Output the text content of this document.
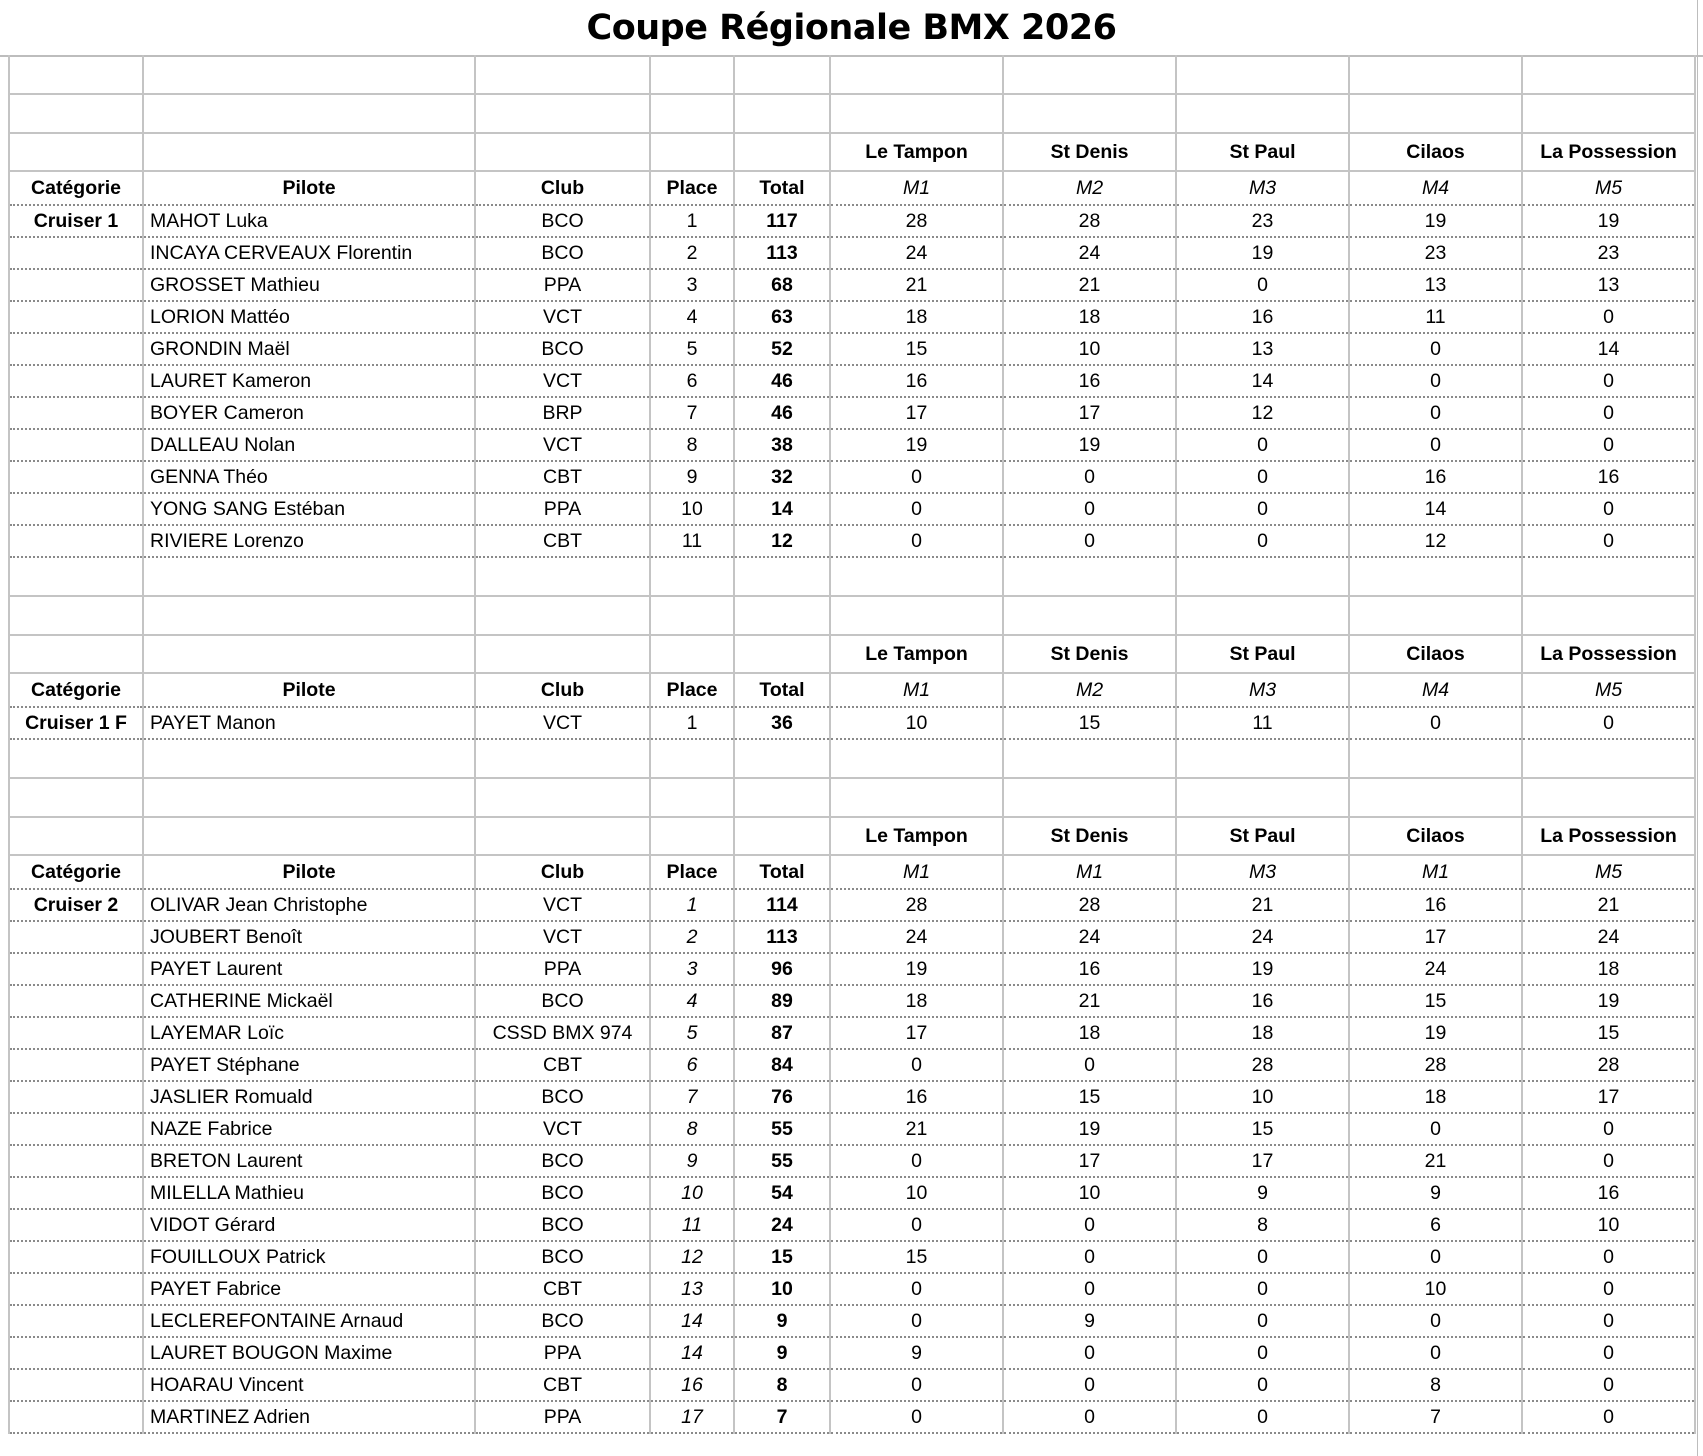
Coupe Régionale BMX 2026

					Le Tampon	St Denis	St Paul	Cilaos	La Possession
Catégorie	Pilote	Club	Place	Total	M1	M2	M3	M4	M5
Cruiser 1	MAHOT Luka	BCO	1	117	28	28	23	19	19
	INCAYA CERVEAUX Florentin	BCO	2	113	24	24	19	23	23
	GROSSET Mathieu	PPA	3	68	21	21	0	13	13
	LORION Mattéo	VCT	4	63	18	18	16	11	0
	GRONDIN Maël	BCO	5	52	15	10	13	0	14
	LAURET Kameron	VCT	6	46	16	16	14	0	0
	BOYER Cameron	BRP	7	46	17	17	12	0	0
	DALLEAU Nolan	VCT	8	38	19	19	0	0	0
	GENNA Théo	CBT	9	32	0	0	0	16	16
	YONG SANG Estéban	PPA	10	14	0	0	0	14	0
	RIVIERE Lorenzo	CBT	11	12	0	0	0	12	0

					Le Tampon	St Denis	St Paul	Cilaos	La Possession
Catégorie	Pilote	Club	Place	Total	M1	M2	M3	M4	M5
Cruiser 1 F	PAYET Manon	VCT	1	36	10	15	11	0	0

					Le Tampon	St Denis	St Paul	Cilaos	La Possession
Catégorie	Pilote	Club	Place	Total	M1	M1	M3	M1	M5
Cruiser 2	OLIVAR Jean Christophe	VCT	1	114	28	28	21	16	21
	JOUBERT Benoît	VCT	2	113	24	24	24	17	24
	PAYET Laurent	PPA	3	96	19	16	19	24	18
	CATHERINE Mickaël	BCO	4	89	18	21	16	15	19
	LAYEMAR Loïc	CSSD BMX 974	5	87	17	18	18	19	15
	PAYET Stéphane	CBT	6	84	0	0	28	28	28
	JASLIER Romuald	BCO	7	76	16	15	10	18	17
	NAZE Fabrice	VCT	8	55	21	19	15	0	0
	BRETON Laurent	BCO	9	55	0	17	17	21	0
	MILELLA Mathieu	BCO	10	54	10	10	9	9	16
	VIDOT Gérard	BCO	11	24	0	0	8	6	10
	FOUILLOUX Patrick	BCO	12	15	15	0	0	0	0
	PAYET Fabrice	CBT	13	10	0	0	0	10	0
	LECLEREFONTAINE Arnaud	BCO	14	9	0	9	0	0	0
	LAURET BOUGON Maxime	PPA	14	9	9	0	0	0	0
	HOARAU Vincent	CBT	16	8	0	0	0	8	0
	MARTINEZ Adrien	PPA	17	7	0	0	0	7	0
